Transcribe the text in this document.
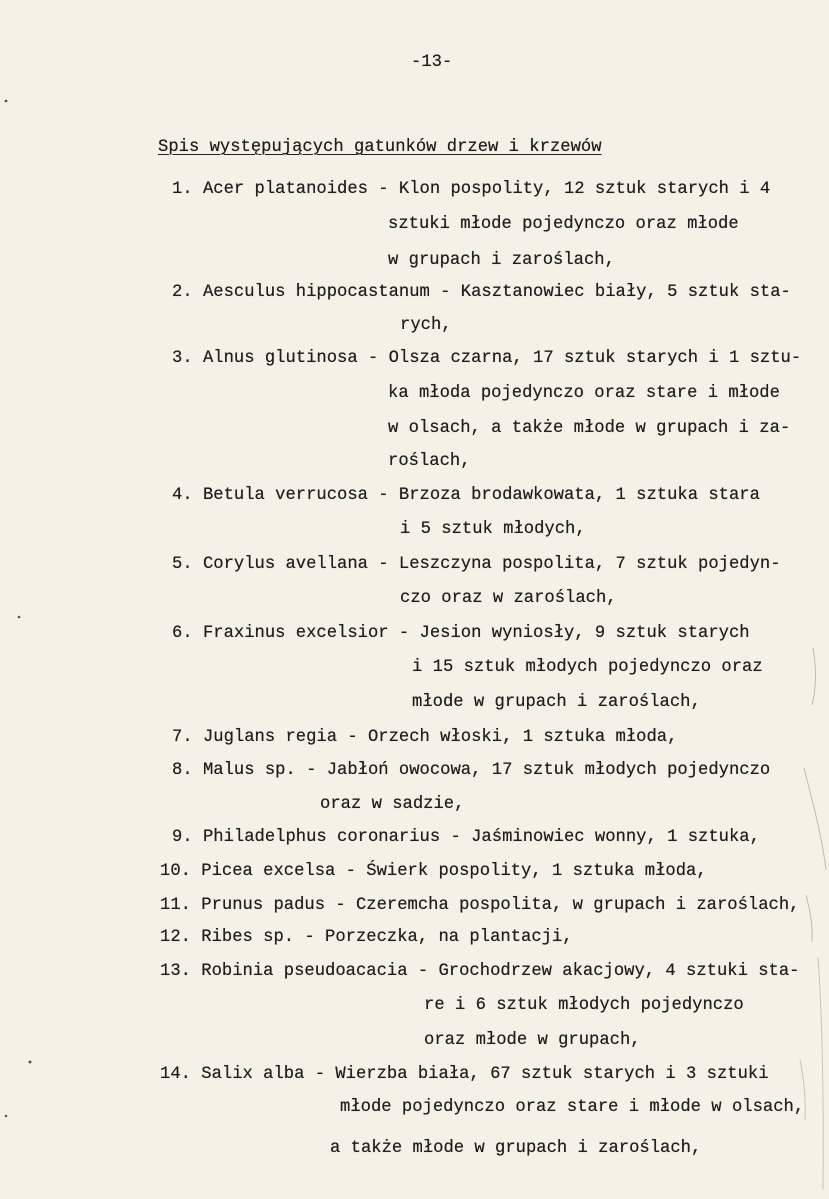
-13-
Spis występujących gatunków drzew i krzewów
1. Acer platanoides - Klon pospolity, 12 sztuk starych i 4
sztuki młode pojedynczo oraz młode
w grupach i zaroślach,
2. Aesculus hippocastanum - Kasztanowiec biały, 5 sztuk sta-
rych,
3. Alnus glutinosa - Olsza czarna, 17 sztuk starych i 1 sztu-
ka młoda pojedynczo oraz stare i młode
w olsach, a także młode w grupach i za-
roślach,
4. Betula verrucosa - Brzoza brodawkowata, 1 sztuka stara
i 5 sztuk młodych,
5. Corylus avellana - Leszczyna pospolita, 7 sztuk pojedyn-
czo oraz w zaroślach,
6. Fraxinus excelsior - Jesion wyniosły, 9 sztuk starych
i 15 sztuk młodych pojedynczo oraz
młode w grupach i zaroślach,
7. Juglans regia - Orzech włoski, 1 sztuka młoda,
8. Malus sp. - Jabłoń owocowa, 17 sztuk młodych pojedynczo
oraz w sadzie,
9. Philadelphus coronarius - Jaśminowiec wonny, 1 sztuka,
10. Picea excelsa - Świerk pospolity, 1 sztuka młoda,
11. Prunus padus - Czeremcha pospolita, w grupach i zaroślach,
12. Ribes sp. - Porzeczka, na plantacji,
13. Robinia pseudoacacia - Grochodrzew akacjowy, 4 sztuki sta-
re i 6 sztuk młodych pojedynczo
oraz młode w grupach,
14. Salix alba - Wierzba biała, 67 sztuk starych i 3 sztuki
młode pojedynczo oraz stare i młode w olsach,
a także młode w grupach i zaroślach,
